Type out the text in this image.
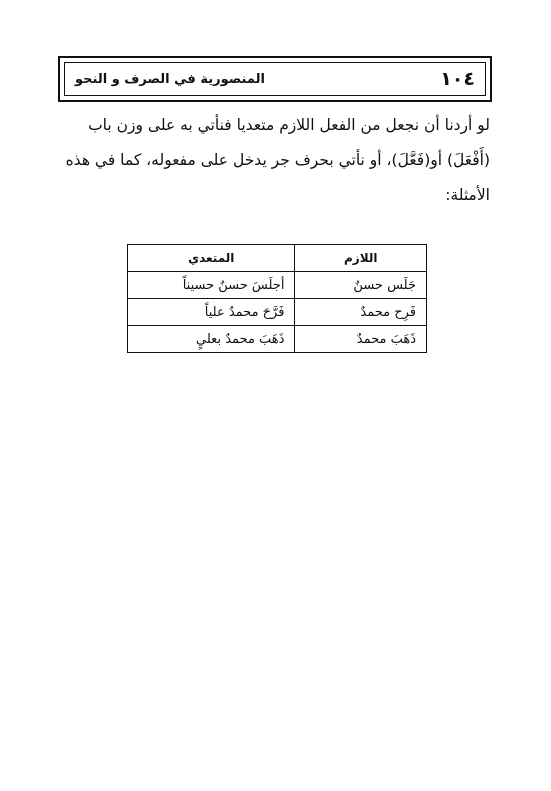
١٠٤
المنصورية في الصرف و النحو
لو أردنا أن نجعل من الفعل اللازم متعديا فنأتي به على وزن باب
(أَفْعَلَ) أو(فَعَّلَ)، أو نأتي بحرف جر يدخل على مفعوله، كما في هذه
الأمثلة:
اللازم	المتعدي
جَلَس حسنٌ	أجلَسَ حسنٌ حسيناً
فَرِح محمدٌ	فَرَّحَ محمدٌ علياً
ذَهَبَ محمدٌ	ذَهَبَ محمدٌ بعليٍ
